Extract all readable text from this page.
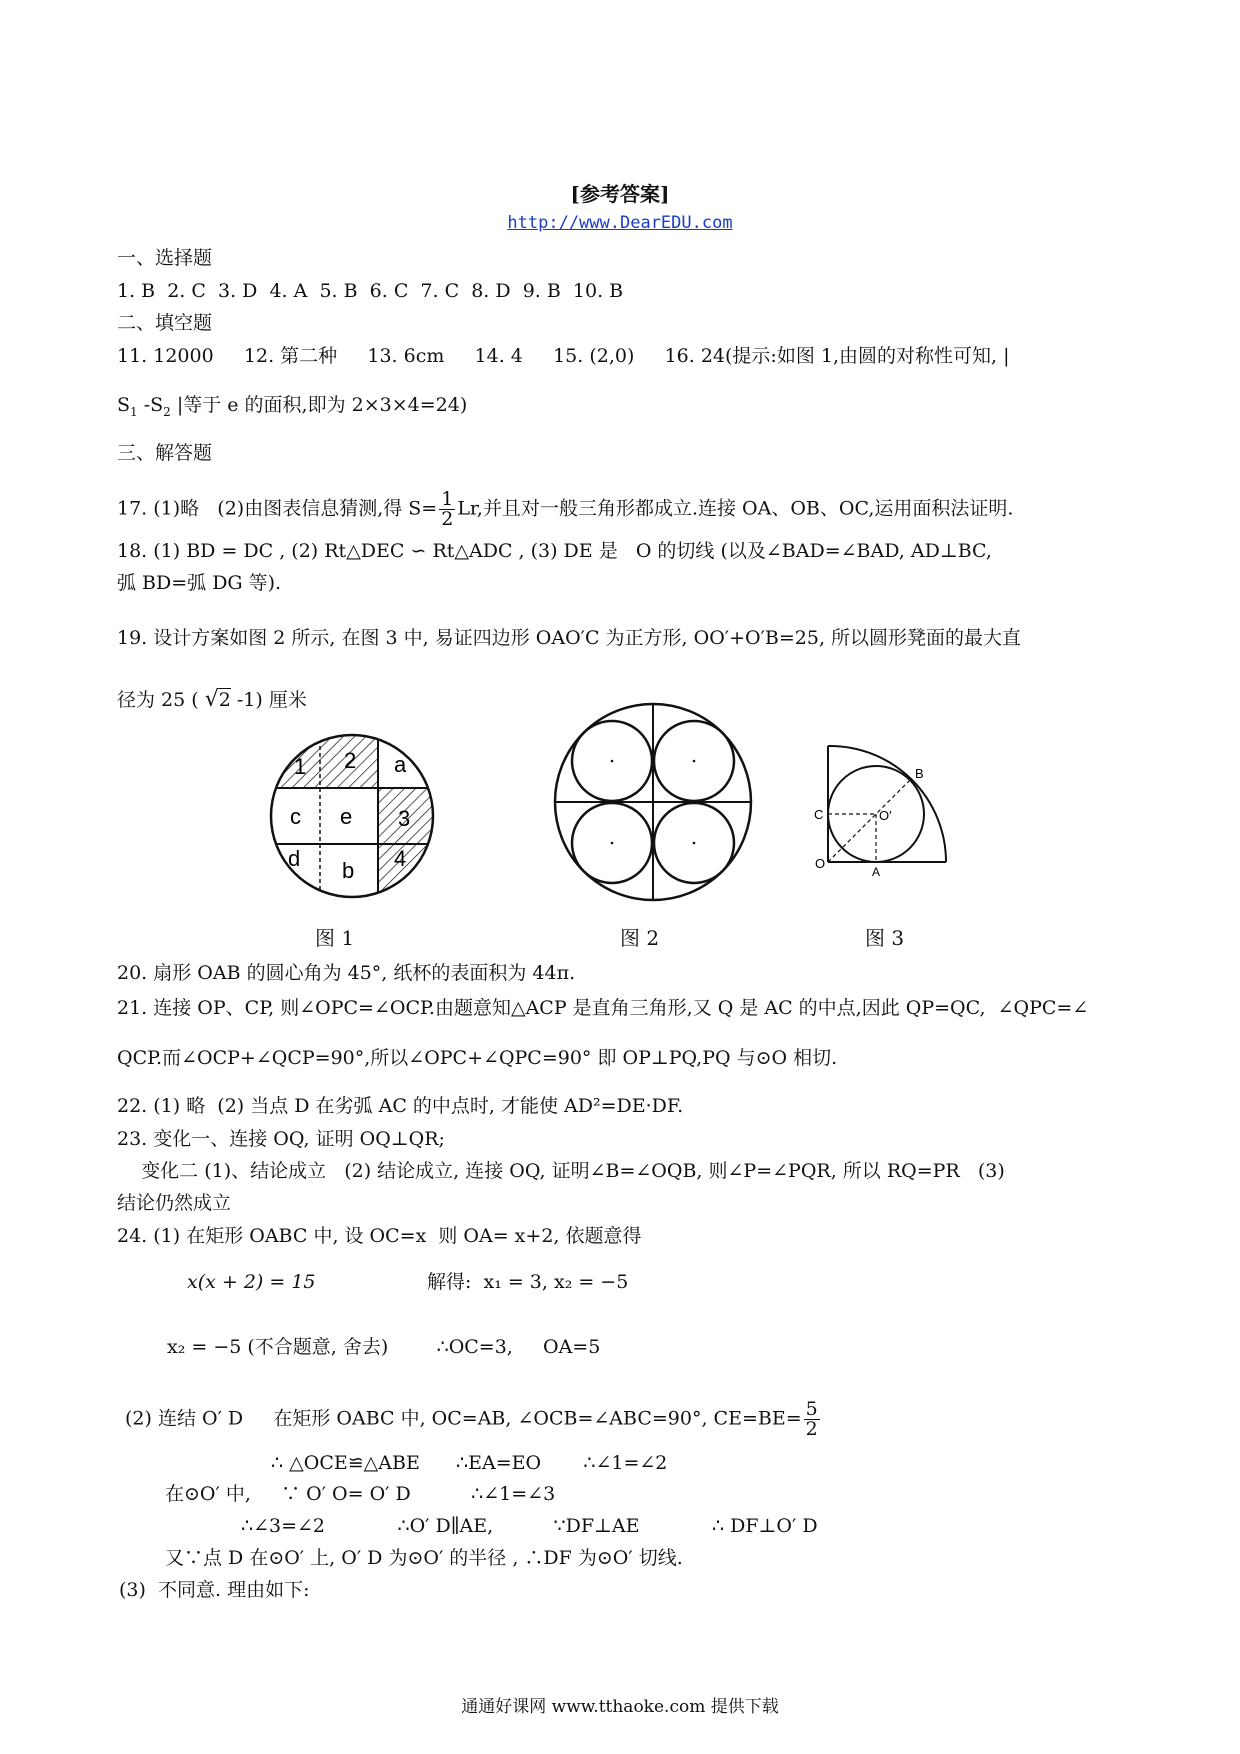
[参考答案]
http://www.DearEDU.com
一、选择题
1. B  2. C  3. D  4. A  5. B  6. C  7. C  8. D  9. B  10. B
二、填空题
11. 12000     12. 第二种     13. 6cm     14. 4     15. (2,0)     16. 24(提示:如图 1,由圆的对称性可知, |
$S_1$ $-S_2$ |等于 e 的面积,即为 2×3×4=24)
三、解答题
17. (1)略   (2)由图表信息猜测,得 $S= \frac{1}{2} Lr$,并且对一般三角形都成立.连接 OA、OB、OC,运用面积法证明.
18. (1) BD = DC , (2) Rt△DEC ∽ Rt△ADC , (3) DE 是   O 的切线 (以及∠BAD=∠BAD, AD⊥BC,
弧 BD=弧 DG 等).
19. 设计方案如图 2 所示, 在图 3 中, 易证四边形 OAO′C 为正方形, OO′+O′B=25, 所以圆形凳面的最大直
径为 25 ( √2 -1) 厘米
1 2 a
c e 3
d b 4
B
C	O′
O
A
图 1	图 2	图 3
20. 扇形 OAB 的圆心角为 45°, 纸杯的表面积为 44π.
21. 连接 OP、CP, 则∠OPC=∠OCP.由题意知△ACP 是直角三角形,又 Q 是 AC 的中点,因此 QP=QC,  ∠QPC=∠
QCP.而∠OCP+∠QCP=90°,所以∠OPC+∠QPC=90° 即 OP⊥PQ,PQ 与⊙O 相切.
22. (1) 略  (2) 当点 D 在劣弧 AC 的中点时, 才能使 AD²=DE·DF.
23. 变化一、连接 OQ, 证明 OQ⊥QR;
变化二 (1)、结论成立   (2) 结论成立, 连接 OQ, 证明∠B=∠OQB, 则∠P=∠PQR, 所以 RQ=PR   (3)
结论仍然成立
24. (1) 在矩形 OABC 中, 设 OC=x  则 OA= x+2, 依题意得
x(x + 2) = 15	解得:  x₁ = 3, x₂ = −5
x₂ = −5 (不合题意, 舍去)        ∴OC=3,     OA=5
(2) 连结 O′ D     在矩形 OABC 中, OC=AB, ∠OCB=∠ABC=90°, $CE=BE= \frac{5}{2}$
∴ △OCE≌△ABE      ∴EA=EO       ∴∠1=∠2
在⊙O′ 中,     ∵ O′ O= O′ D          ∴∠1=∠3
∴∠3=∠2            ∴O′ D∥AE,          ∵DF⊥AE            ∴ DF⊥O′ D
又∵点 D 在⊙O′ 上, O′ D 为⊙O′ 的半径 , ∴DF 为⊙O′ 切线.
(3)  不同意. 理由如下:
通通好课网 www.tthaoke.com 提供下载
